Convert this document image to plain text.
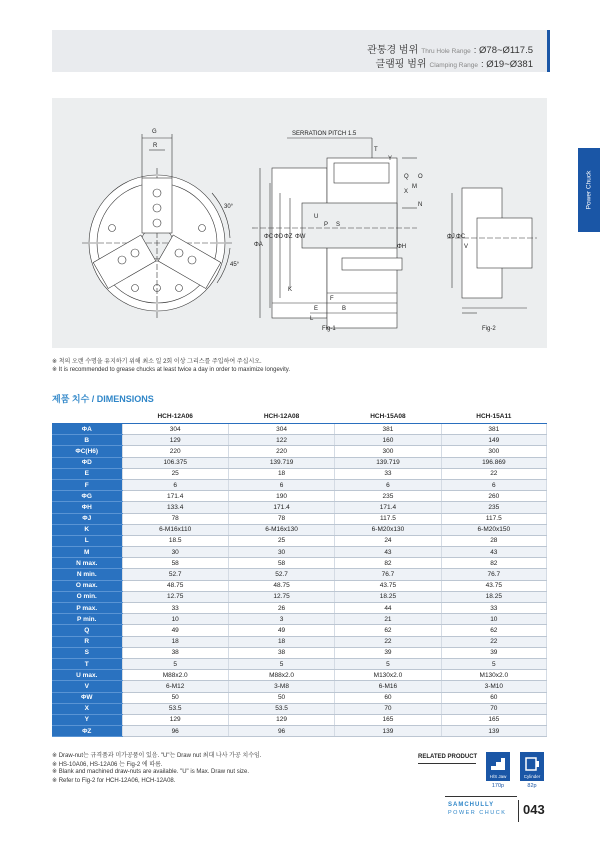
관통경 범위 Thru Hole Range : Ø78~Ø117.5
클램핑 범위 Clamping Range : Ø19~Ø381
Power Chuck
G
R
30°
45°
SERRATION PITCH 1.5
T
Y
ΦA
ΦC ΦD ΦZ ΦW
U
P S
ΦH
K
F
E	B
L
Q
X
M
O
N
ΦJ ΦC
V
Fig-1	Fig-2
※ 척의 오랜 수명을 유지하기 위해 최소 일 2회 이상 그리스를 주입하여 주십시오.
※ It is recommended to grease chucks at least twice a day in order to maximize longevity.
제품 치수 / DIMENSIONS
	HCH-12A06	HCH-12A08	HCH-15A08	HCH-15A11
ΦA	304	304	381	381
B	129	122	160	149
ΦC(H6)	220	220	300	300
ΦD	106.375	139.719	139.719	196.869
E	25	18	33	22
F	6	6	6	6
ΦG	171.4	190	235	260
ΦH	133.4	171.4	171.4	235
ΦJ	78	78	117.5	117.5
K	6-M16x110	6-M16x130	6-M20x130	6-M20x150
L	18.5	25	24	28
M	30	30	43	43
N max.	58	58	82	82
N min.	52.7	52.7	76.7	76.7
O max.	48.75	48.75	43.75	43.75
O min.	12.75	12.75	18.25	18.25
P max.	33	26	44	33
P min.	10	3	21	10
Q	49	49	62	62
R	18	18	22	22
S	38	38	39	39
T	5	5	5	5
U max.	M88x2.0	M88x2.0	M130x2.0	M130x2.0
V	6-M12	3-M8	6-M16	3-M10
ΦW	50	50	60	60
X	53.5	53.5	70	70
Y	129	129	165	165
ΦZ	96	96	139	139
※ Draw-nut는 규격품과 미가공품이 있음. "U"는 Draw nut 최대 나사 가공 치수임.
※ HS-10A06, HS-12A06 는 Fig-2 에 따름.
※ Blank and machined draw-nuts are available. "U" is Max. Draw nut size.
※ Refer to Fig-2 for HCH-12A06, HCH-12A08.
RELATED PRODUCT
H/S Jaw
170p
Cylinder
82p
SAMCHULLY
POWER CHUCK 043
